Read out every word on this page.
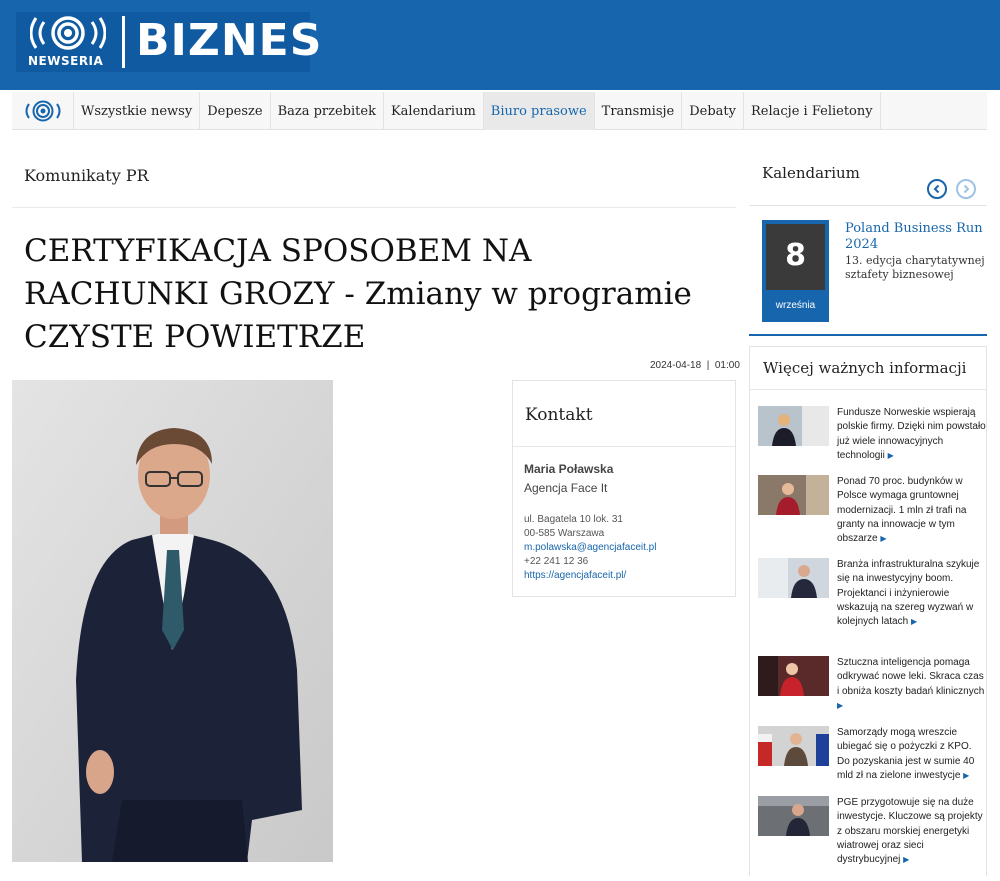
NEWSERIA BIZNES
Wszystkie newsy	Depesze	Baza przebitek	Kalendarium	Biuro prasowe	Transmisje	Debaty	Relacje i Felietony
Komunikaty PR
CERTYFIKACJA SPOSOBEM NA RACHUNKI GROZY - Zmiany w programie CZYSTE POWIETRZE
2024-04-18  |  01:00
Kontakt
Maria Poławska
Agencja Face It
ul. Bagatela 10 lok. 31
00-585 Warszawa
m.polawska@agencjafaceit.pl
+22 241 12 36
https://agencjafaceit.pl/
Kalendarium
8
września
Poland Business Run 2024
13. edycja charytatywnej sztafety biznesowej
Więcej ważnych informacji
Fundusze Norweskie wspierają polskie firmy. Dzięki nim powstało już wiele innowacyjnych technologii ▶
Ponad 70 proc. budynków w Polsce wymaga gruntownej modernizacji. 1 mln zł trafi na granty na innowacje w tym obszarze ▶
Branża infrastrukturalna szykuje się na inwestycyjny boom. Projektanci i inżynierowie wskazują na szereg wyzwań w kolejnych latach ▶
Sztuczna inteligencja pomaga odkrywać nowe leki. Skraca czas i obniża koszty badań klinicznych ▶
Samorządy mogą wreszcie ubiegać się o pożyczki z KPO. Do pozyskania jest w sumie 40 mld zł na zielone inwestycje ▶
PGE przygotowuje się na duże inwestycje. Kluczowe są projekty z obszaru morskiej energetyki wiatrowej oraz sieci dystrybucyjnej ▶
